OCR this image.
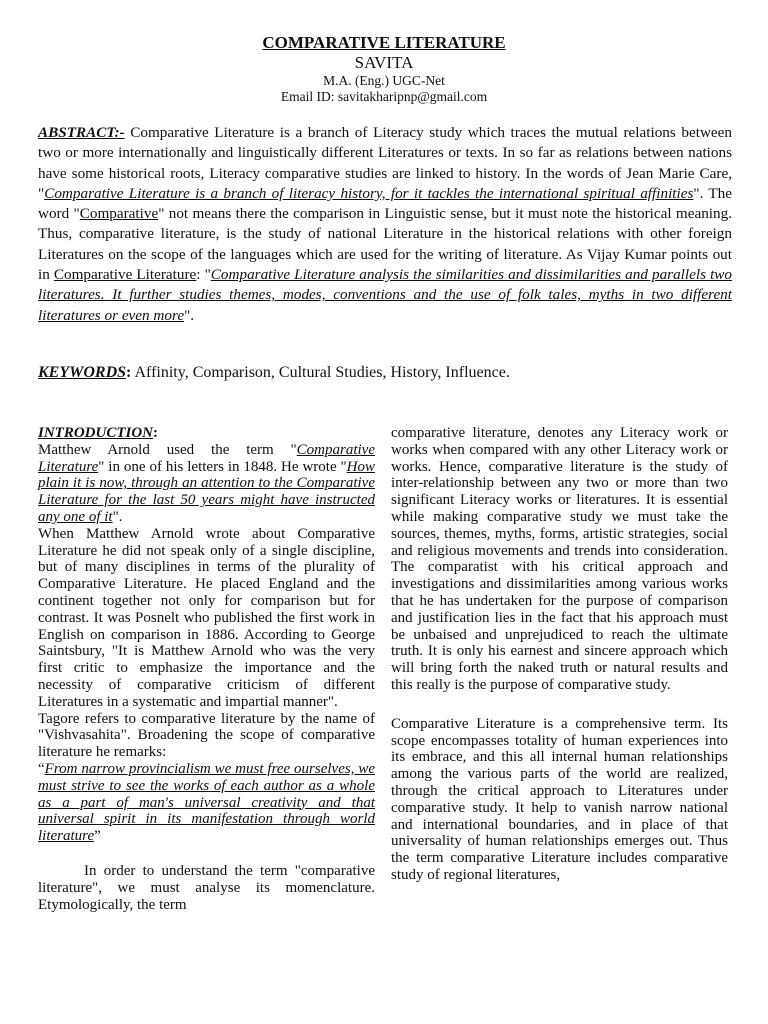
COMPARATIVE LITERATURE
SAVITA
M.A. (Eng.) UGC-Net
Email ID: savitakharipnp@gmail.com
ABSTRACT:- Comparative Literature is a branch of Literacy study which traces the mutual relations between two or more internationally and linguistically different Literatures or texts. In so far as relations between nations have some historical roots, Literacy comparative studies are linked to history. In the words of Jean Marie Care, "Comparative Literature is a branch of literacy history, for it tackles the international spiritual affinities". The word "Comparative" not means there the comparison in Linguistic sense, but it must note the historical meaning. Thus, comparative literature, is the study of national Literature in the historical relations with other foreign Literatures on the scope of the languages which are used for the writing of literature. As Vijay Kumar points out in Comparative Literature: "Comparative Literature analysis the similarities and dissimilarities and parallels two literatures. It further studies themes, modes, conventions and the use of folk tales, myths in two different literatures or even more".
KEYWORDS: Affinity, Comparison, Cultural Studies, History, Influence.

INTRODUCTION:

Matthew Arnold used the term "Comparative Literature" in one of his letters in 1848. He wrote "How plain it is now, through an attention to the Comparative Literature for the last 50 years might have instructed any one of it".

When Matthew Arnold wrote about Comparative Literature he did not speak only of a single discipline, but of many disciplines in terms of the plurality of Comparative Literature. He placed England and the continent together not only for comparison but for contrast. It was Posnelt who published the first work in English on comparison in 1886. According to George Saintsbury, "It is Matthew Arnold who was the very first critic to emphasize the importance and the necessity of comparative criticism of different Literatures in a systematic and impartial manner".

Tagore refers to comparative literature by the name of "Vishvasahita". Broadening the scope of comparative literature he remarks:

“From narrow provincialism we must free ourselves, we must strive to see the works of each author as a whole as a part of man's universal creativity and that universal spirit in its manifestation through world literature”

In order to understand the term "comparative literature", we must analyse its momenclature. Etymologically, the term

comparative literature, denotes any Literacy work or works when compared with any other Literacy work or works. Hence, comparative literature is the study of inter-relationship between any two or more than two significant Literacy works or literatures. It is essential while making comparative study we must take the sources, themes, myths, forms, artistic strategies, social and religious movements and trends into consideration. The comparatist with his critical approach and investigations and dissimilarities among various works that he has undertaken for the purpose of comparison and justification lies in the fact that his approach must be unbaised and unprejudiced to reach the ultimate truth. It is only his earnest and sincere approach which will bring forth the naked truth or natural results and this really is the purpose of comparative study.

Comparative Literature is a comprehensive term. Its scope encompasses totality of human experiences into its embrace, and this all internal human relationships among the various parts of the world are realized, through the critical approach to Literatures under comparative study. It help to vanish narrow national and international boundaries, and in place of that universality of human relationships emerges out. Thus the term comparative Literature includes comparative study of regional literatures,
